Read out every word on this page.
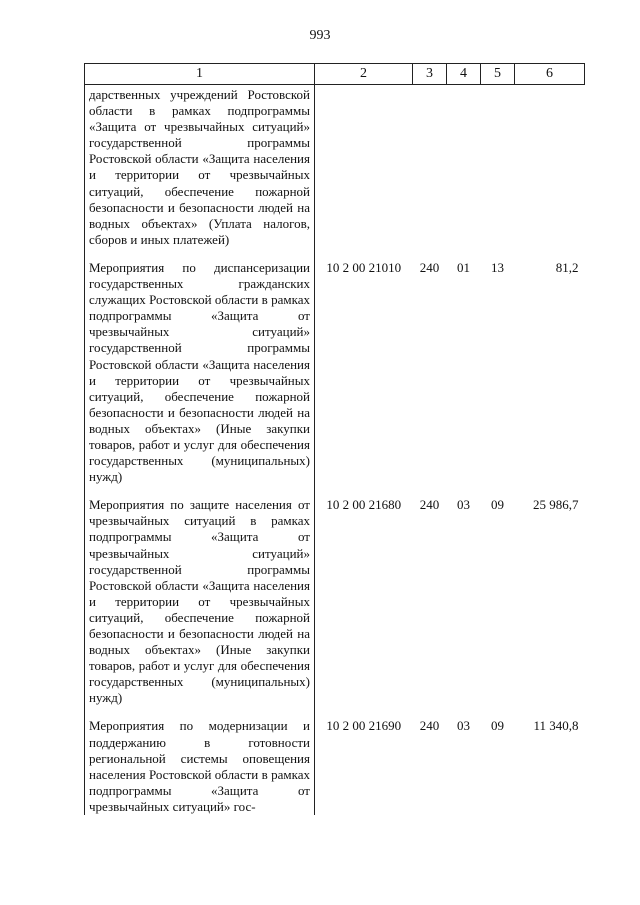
993
1	2	3	4	5	6
дарственных учреждений Ростовской области в рамках подпрограммы «Защита от чрезвычайных ситуаций» государственной программы Ростовской области «Защита населения и территории от чрезвычайных ситуаций, обеспечение пожарной безопасности и безопасности людей на водных объектах» (Уплата налогов, сборов и иных платежей)					
Мероприятия по диспансеризации государственных гражданских служащих Ростовской области в рамках подпрограммы «Защита от чрезвычайных ситуаций» государственной программы Ростовской области «Защита населения и территории от чрезвычайных ситуаций, обеспечение пожарной безопасности и безопасности людей на водных объектах» (Иные закупки товаров, работ и услуг для обеспечения государственных (муниципальных) нужд)	10 2 00 21010	240	01	13	81,2
Мероприятия по защите населения от чрезвычайных ситуаций в рамках подпрограммы «Защита от чрезвычайных ситуаций» государственной программы Ростовской области «Защита населения и территории от чрезвычайных ситуаций, обеспечение пожарной безопасности и безопасности людей на водных объектах» (Иные закупки товаров, работ и услуг для обеспечения государственных (муниципальных) нужд)	10 2 00 21680	240	03	09	25 986,7
Мероприятия по модернизации и поддержанию в готовности региональной системы оповещения населения Ростовской области в рамках подпрограммы «Защита от чрезвычайных ситуаций» гос-	10 2 00 21690	240	03	09	11 340,8
